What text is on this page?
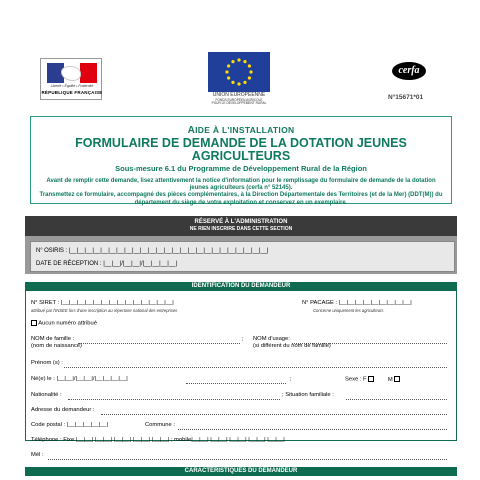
Liberté • Égalité • Fraternité
RÉPUBLIQUE FRANÇAISE	UNION EUROPÉENNE
FONDS EUROPÉEN AGRICOLE
POUR LE DÉVELOPPEMENT RURAL
cerfa
N°15671*01
AIDE À L'INSTALLATION
FORMULAIRE DE DEMANDE DE LA DOTATION JEUNES AGRICULTEURS
Sous-mesure 6.1 du Programme de Développement Rural de la Région
Avant de remplir cette demande, lisez attentivement la notice d'information pour le remplissage du formulaire de demande de la dotation jeunes agriculteurs (cerfa n° 52145).
Transmettez ce formulaire, accompagné des pièces complémentaires, à la Direction Départementale des Territoires (et de la Mer) (DDT(M)) du département du siège de votre exploitation et conservez en un exemplaire.
RÉSERVÉ À L'ADMINISTRATION
NE RIEN INSCRIRE DANS CETTE SECTION
N° OSIRIS : |__|__|__|__|__|__|__|__|__|__|__|__|__|__|__|__|__|__|__|__|__|__|__|__|__|
DATE DE RÉCEPTION : |__|__|/|__|__|/|__|__|__|__|
IDENTIFICATION DU DEMANDEUR
N° SIRET : |__|__|__|__|__|__|__|__|__|__|__|__|__|__|
attribué par l'INSEE lors d'une inscription au répertoire national des entreprises
N° PACAGE : |__|__|__|__|__|__|__|__|__|
Concerne uniquement les agriculteurs
Aucun numéro attribué
NOM de famille :	;
(nom de naissance)
NOM d'usage:
(si différent du nom de famille)
Prénom (s) :
Né(e) le : |__|__|/|__|__|/|__|__|__|__|	;	Sexe : F	M
Nationalité :	; Situation familiale :
Adresse du demandeur :
Code postal : |__|__|__|__|__|	Commune :
Téléphone : Fixe |__|__| |__|__| |__|__| |__|__| |__|__| ; mobile|__|__| |__|__| |__|__| |__|__| |__|__|
Mél :
CARACTÉRISTIQUES DU DEMANDEUR
